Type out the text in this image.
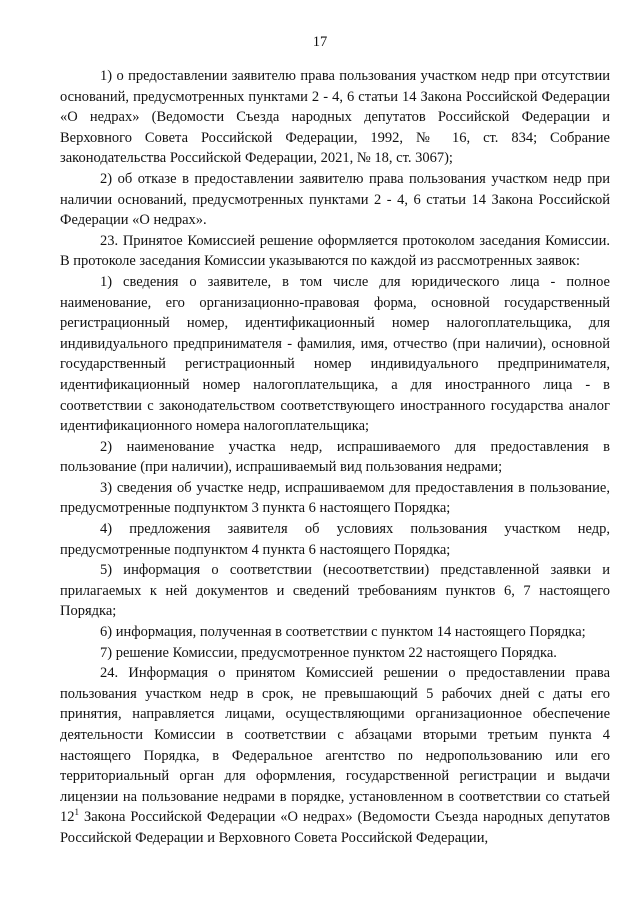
17

1) о предоставлении заявителю права пользования участком недр при отсутствии оснований, предусмотренных пунктами 2 - 4, 6 статьи 14 Закона Российской Федерации «О недрах» (Ведомости Съезда народных депутатов Российской Федерации и Верховного Совета Российской Федерации, 1992, № 16, ст. 834; Собрание законодательства Российской Федерации, 2021, № 18, ст. 3067);

2) об отказе в предоставлении заявителю права пользования участком недр при наличии оснований, предусмотренных пунктами 2 - 4, 6 статьи 14 Закона Российской Федерации «О недрах».

23. Принятое Комиссией решение оформляется протоколом заседания Комиссии. В протоколе заседания Комиссии указываются по каждой из рассмотренных заявок:

1) сведения о заявителе, в том числе для юридического лица - полное наименование, его организационно-правовая форма, основной государственный регистрационный номер, идентификационный номер налогоплательщика, для индивидуального предпринимателя - фамилия, имя, отчество (при наличии), основной государственный регистрационный номер индивидуального предпринимателя, идентификационный номер налогоплательщика, а для иностранного лица - в соответствии с законодательством соответствующего иностранного государства аналог идентификационного номера налогоплательщика;

2) наименование участка недр, испрашиваемого для предоставления в пользование (при наличии), испрашиваемый вид пользования недрами;

3) сведения об участке недр, испрашиваемом для предоставления в пользование, предусмотренные подпунктом 3 пункта 6 настоящего Порядка;

4) предложения заявителя об условиях пользования участком недр, предусмотренные подпунктом 4 пункта 6 настоящего Порядка;

5) информация о соответствии (несоответствии) представленной заявки и прилагаемых к ней документов и сведений требованиям пунктов 6, 7 настоящего Порядка;

6) информация, полученная в соответствии с пунктом 14 настоящего Порядка;

7) решение Комиссии, предусмотренное пунктом 22 настоящего Порядка.

24. Информация о принятом Комиссией решении о предоставлении права пользования участком недр в срок, не превышающий 5 рабочих дней с даты его принятия, направляется лицами, осуществляющими организационное обеспечение деятельности Комиссии в соответствии с абзацами вторыми третьим пункта 4 настоящего Порядка, в Федеральное агентство по недропользованию или его территориальный орган для оформления, государственной регистрации и выдачи лицензии на пользование недрами в порядке, установленном в соответствии со статьей $12^1$ Закона Российской Федерации «О недрах» (Ведомости Съезда народных депутатов Российской Федерации и Верховного Совета Российской Федерации,
